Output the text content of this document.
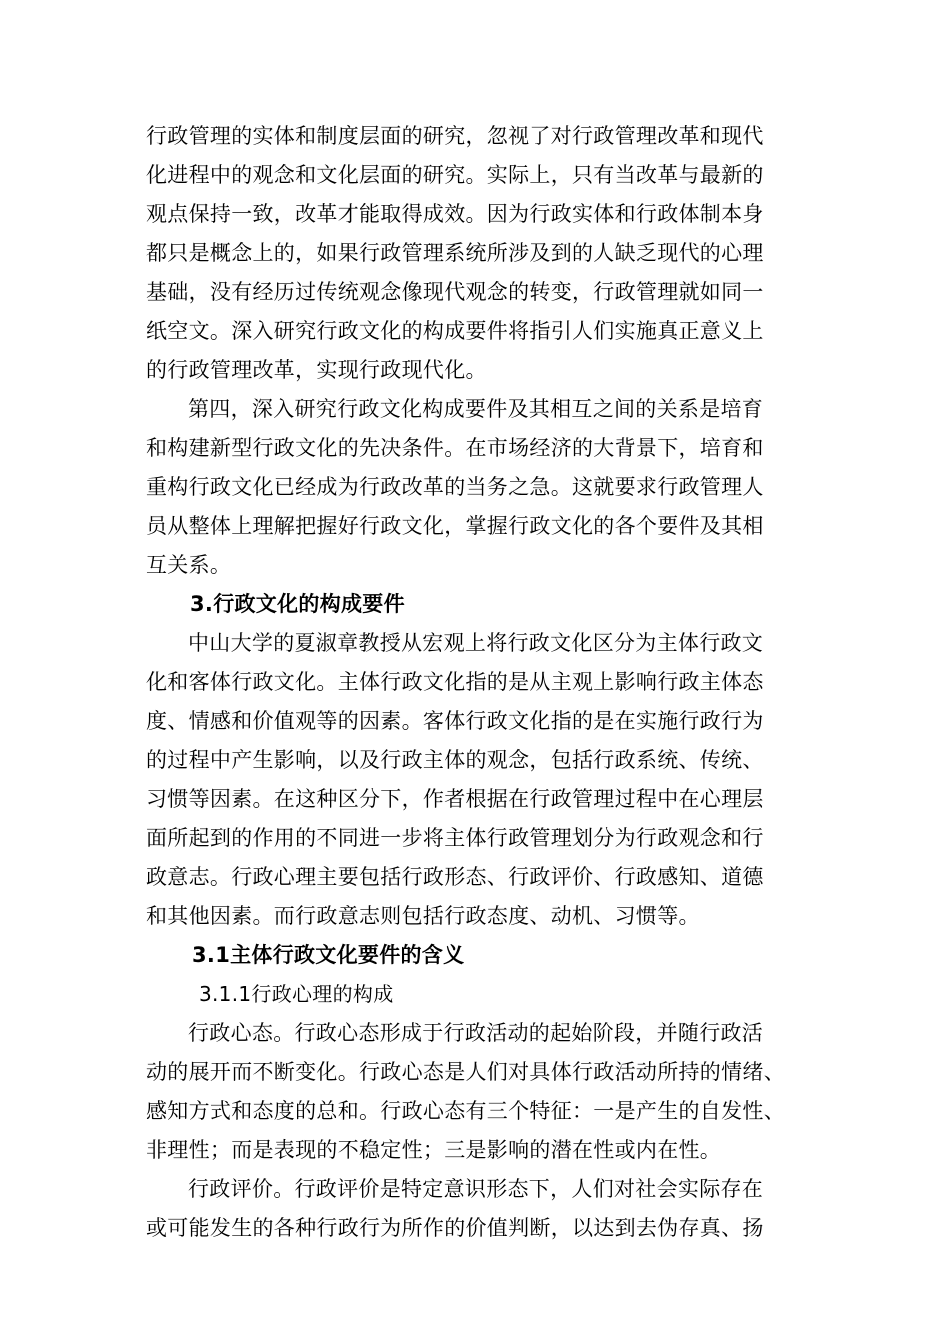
行政管理的实体和制度层面的研究，忽视了对行政管理改革和现代
化进程中的观念和文化层面的研究。实际上，只有当改革与最新的
观点保持一致，改革才能取得成效。因为行政实体和行政体制本身
都只是概念上的，如果行政管理系统所涉及到的人缺乏现代的心理
基础，没有经历过传统观念像现代观念的转变，行政管理就如同一
纸空文。深入研究行政文化的构成要件将指引人们实施真正意义上
的行政管理改革，实现行政现代化。
第四，深入研究行政文化构成要件及其相互之间的关系是培育
和构建新型行政文化的先决条件。在市场经济的大背景下，培育和
重构行政文化已经成为行政改革的当务之急。这就要求行政管理人
员从整体上理解把握好行政文化，掌握行政文化的各个要件及其相
互关系。
3.行政文化的构成要件
中山大学的夏淑章教授从宏观上将行政文化区分为主体行政文
化和客体行政文化。主体行政文化指的是从主观上影响行政主体态
度、情感和价值观等的因素。客体行政文化指的是在实施行政行为
的过程中产生影响，以及行政主体的观念，包括行政系统、传统、
习惯等因素。在这种区分下，作者根据在行政管理过程中在心理层
面所起到的作用的不同进一步将主体行政管理划分为行政观念和行
政意志。行政心理主要包括行政形态、行政评价、行政感知、道德
和其他因素。而行政意志则包括行政态度、动机、习惯等。
3.1主体行政文化要件的含义
3.1.1行政心理的构成
行政心态。行政心态形成于行政活动的起始阶段，并随行政活
动的展开而不断变化。行政心态是人们对具体行政活动所持的情绪、
感知方式和态度的总和。行政心态有三个特征：一是产生的自发性、
非理性；而是表现的不稳定性；三是影响的潜在性或内在性。
行政评价。行政评价是特定意识形态下，人们对社会实际存在
或可能发生的各种行政行为所作的价值判断，以达到去伪存真、扬
